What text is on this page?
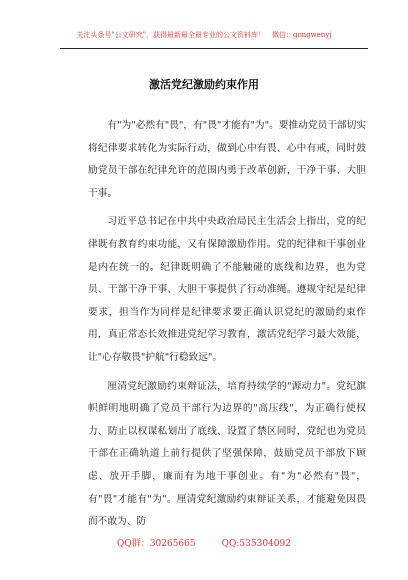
关注头条号"公文研究"，获得最新最全最专业的公文资料库！　微信：gongwenyj
激活党纪激励约束作用

有"为"必然有"畏"，有"畏"才能有"为"。要推动党员干部切实将纪律要求转化为实际行动，做到心中有畏、心中有戒，同时鼓励党员干部在纪律允许的范围内勇于改革创新，干净干事、大胆干事。

习近平总书记在中共中央政治局民主生活会上指出，党的纪律既有教育约束功能，又有保障激励作用。党的纪律和干事创业是内在统一的。纪律既明确了不能触碰的底线和边界，也为党员、干部干净干事、大胆干事提供了行动准绳。遵规守纪是纪律要求，担当作为同样是纪律要求要正确认识党纪的激励约束作用，真正常态长效推进党纪学习教育，激活党纪学习最大效能，让"心存敬畏"护航"行稳致远"。

厘清党纪激励约束辩证法，培育持续学的"源动力"。党纪旗帜鲜明地明确了党员干部行为边界的"高压线"，为正确行使权力、防止以权谋私划出了底线、设置了禁区同时，党纪也为党员干部在正确轨道上前行提供了坚强保障，鼓励党员干部放下顾虑、放开手脚，廉而有为地干事创业。有"为"必然有"畏"，有"畏"才能有"为"。厘清党纪激励约束辩证关系，才能避免因畏而不敢为、防

QQ群：30265665	QQ:535304092
